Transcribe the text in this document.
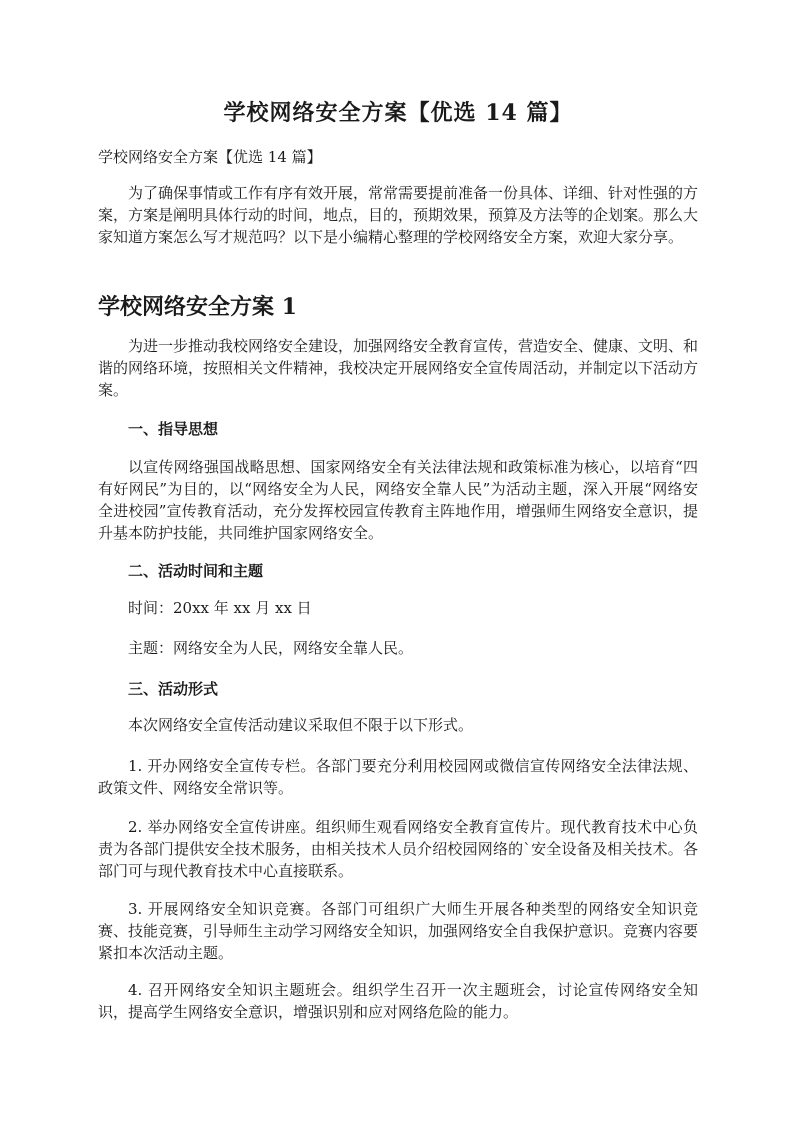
学校网络安全方案【优选 14 篇】

学校网络安全方案【优选 14 篇】

为了确保事情或工作有序有效开展，常常需要提前准备一份具体、详细、针对性强的方案，方案是阐明具体行动的时间，地点，目的，预期效果，预算及方法等的企划案。那么大家知道方案怎么写才规范吗？以下是小编精心整理的学校网络安全方案，欢迎大家分享。

学校网络安全方案 1

为进一步推动我校网络安全建设，加强网络安全教育宣传，营造安全、健康、文明、和谐的网络环境，按照相关文件精神，我校决定开展网络安全宣传周活动，并制定以下活动方案。

一、指导思想

以宣传网络强国战略思想、国家网络安全有关法律法规和政策标准为核心，以培育“四有好网民”为目的，以“网络安全为人民，网络安全靠人民”为活动主题，深入开展“网络安全进校园”宣传教育活动，充分发挥校园宣传教育主阵地作用，增强师生网络安全意识，提升基本防护技能，共同维护国家网络安全。

二、活动时间和主题

时间：20xx 年 xx 月 xx 日

主题：网络安全为人民，网络安全靠人民。

三、活动形式

本次网络安全宣传活动建议采取但不限于以下形式。

1. 开办网络安全宣传专栏。各部门要充分利用校园网或微信宣传网络安全法律法规、政策文件、网络安全常识等。

2. 举办网络安全宣传讲座。组织师生观看网络安全教育宣传片。现代教育技术中心负责为各部门提供安全技术服务，由相关技术人员介绍校园网络的`安全设备及相关技术。各部门可与现代教育技术中心直接联系。

3. 开展网络安全知识竞赛。各部门可组织广大师生开展各种类型的网络安全知识竞赛、技能竞赛，引导师生主动学习网络安全知识，加强网络安全自我保护意识。竞赛内容要紧扣本次活动主题。

4. 召开网络安全知识主题班会。组织学生召开一次主题班会，讨论宣传网络安全知识，提高学生网络安全意识，增强识别和应对网络危险的能力。
